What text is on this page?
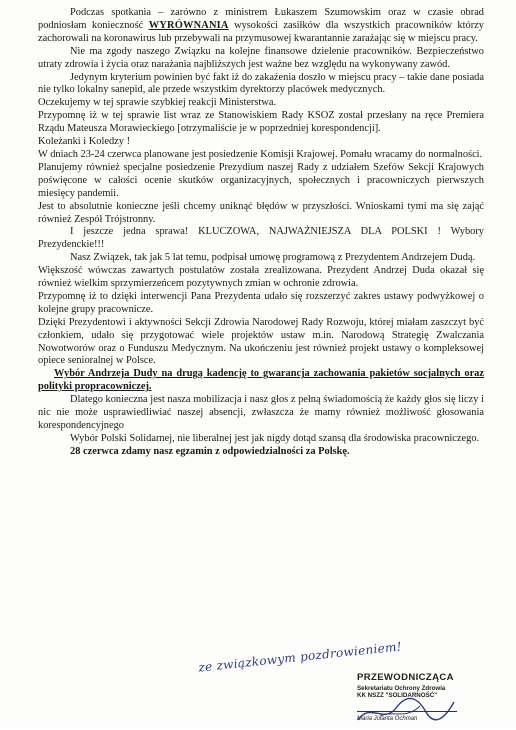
Podczas spotkania – zarówno z ministrem Łukaszem Szumowskim oraz w czasie obrad podniosłam konieczność WYRÓWNANIA wysokości zasiłków dla wszystkich pracowników którzy zachorowali na koronawirus lub przebywali na przymusowej kwarantannie zarażając się w miejscu pracy.

Nie ma zgody naszego Związku na kolejne finansowe dzielenie pracowników. Bezpieczeństwo utraty zdrowia i życia oraz narażania najbliższych jest ważne bez względu na wykonywany zawód.

Jedynym kryterium powinien być fakt iż do zakażenia doszło w miejscu pracy – takie dane posiada nie tylko lokalny sanepid, ale przede wszystkim dyrektorzy placówek medycznych.

Oczekujemy w tej sprawie szybkiej reakcji Ministerstwa.

Przypomnę iż w tej sprawie list wraz ze Stanowiskiem Rady KSOZ został przesłany na ręce Premiera Rządu Mateusza Morawieckiego [otrzymaliście je w poprzedniej korespondencji].

Koleżanki i Koledzy !

W dniach 23-24 czerwca planowane jest posiedzenie Komisji Krajowej. Pomału wracamy do normalności.

Planujemy również specjalne posiedzenie Prezydium naszej Rady z udziałem Szefów Sekcji Krajowych poświęcone w całości ocenie skutków organizacyjnych, społecznych i pracowniczych pierwszych miesięcy pandemii.

Jest to absolutnie konieczne jeśli chcemy uniknąć błędów w przyszłości. Wnioskami tymi ma się zająć również Zespół Trójstronny.

I jeszcze jedna sprawa! KLUCZOWA, NAJWAŻNIEJSZA DLA POLSKI ! Wybory Prezydenckie!!!

Nasz Związek, tak jak 5 lat temu, podpisał umowę programową z Prezydentem Andrzejem Dudą.

Większość wówczas zawartych postulatów została zrealizowana. Prezydent Andrzej Duda okazał się również wielkim sprzymierzeńcem pozytywnych zmian w ochronie zdrowia.

Przypomnę iż to dzięki interwencji Pana Prezydenta udało się rozszerzyć zakres ustawy podwyżkowej o kolejne grupy pracownicze.

Dzięki Prezydentowi i aktywności Sekcji Zdrowia Narodowej Rady Rozwoju, której miałam zaszczyt być członkiem, udało się przygotować wiele projektów ustaw m.in. Narodową Strategię Zwalczania Nowotworów oraz o Funduszu Medycznym. Na ukończeniu jest również projekt ustawy o kompleksowej opiece senioralnej w Polsce.

Wybór Andrzeja Dudy na drugą kadencję to gwarancja zachowania pakietów socjalnych oraz polityki propracowniczej.

Dlatego konieczna jest nasza mobilizacja i nasz głos z pełną świadomością że każdy głos się liczy i nic nie może usprawiedliwiać naszej absencji, zwłaszcza że mamy również możliwość głosowania korespondencyjnego

Wybór Polski Solidarnej, nie liberalnej jest jak nigdy dotąd szansą dla środowiska pracowniczego.

28 czerwca zdamy nasz egzamin z odpowiedzialności za Polskę.

ze związkowym pozdrowieniem!
PRZEWODNICZĄCA
Sekretariatu Ochrony Zdrowia
KK NSZZ "SOLIDARNOŚĆ"
Maria Jolanta Ochman
